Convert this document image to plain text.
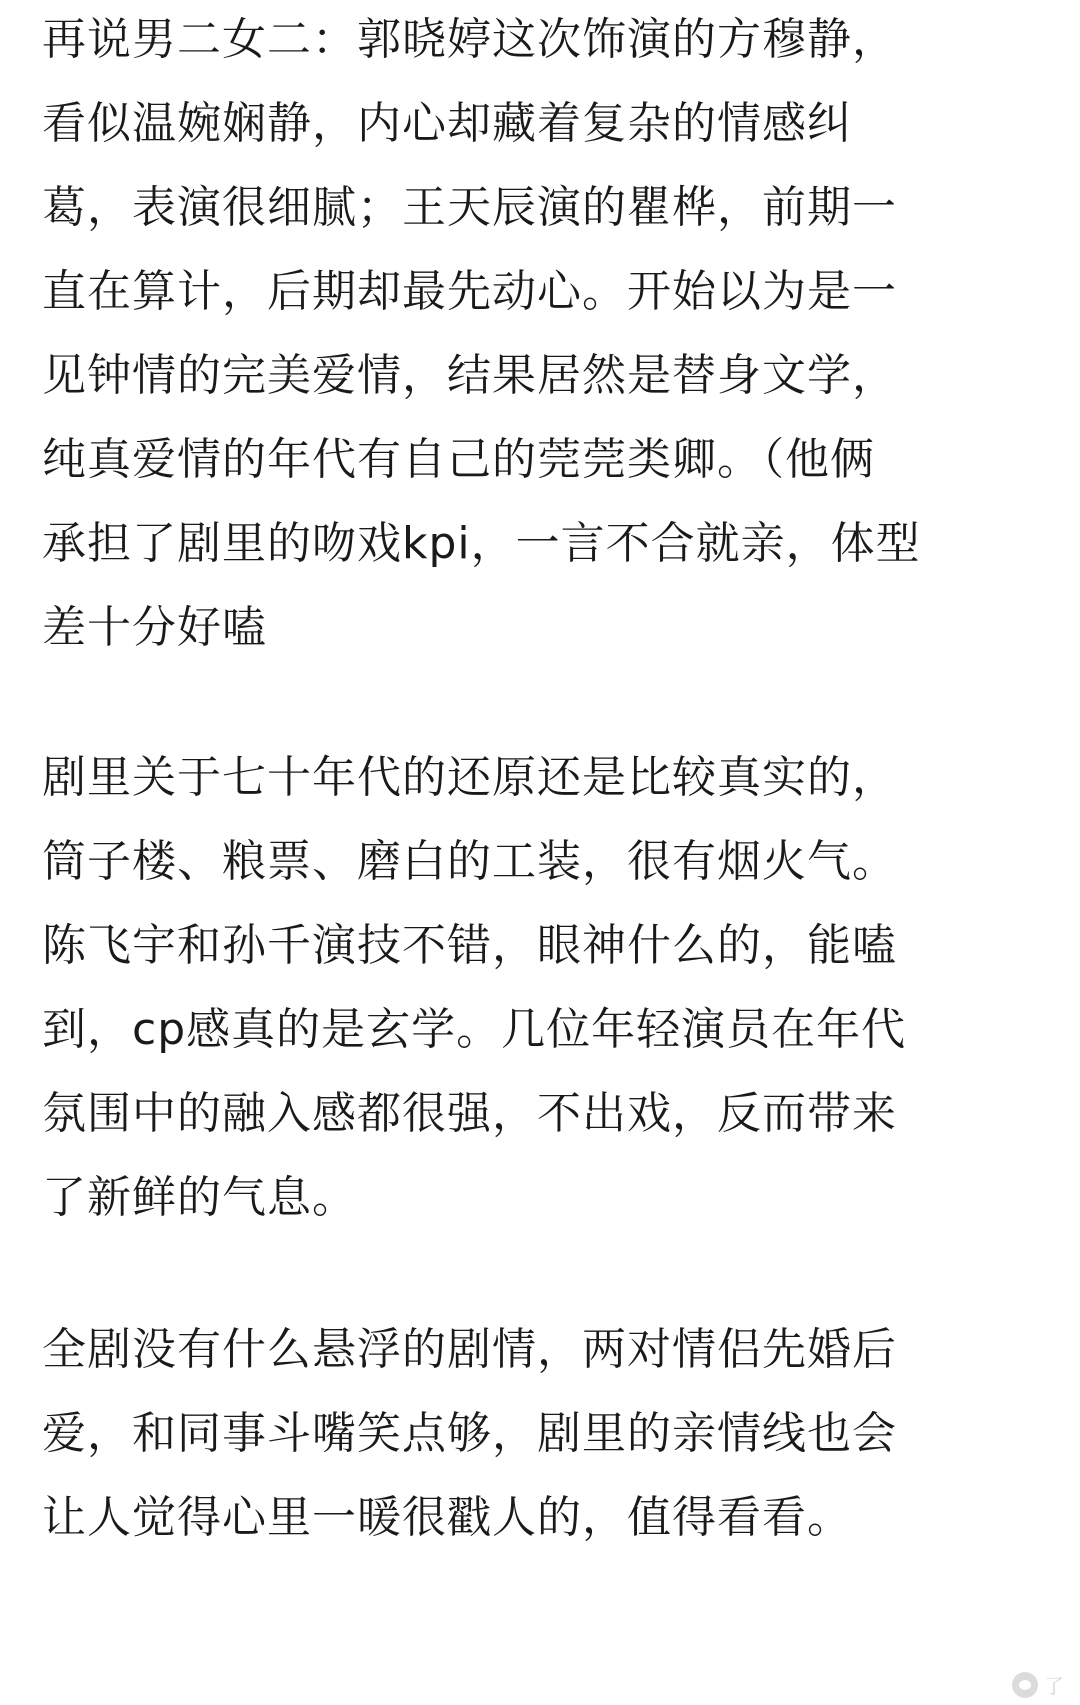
再说男二女二：郭晓婷这次饰演的方穆静，
看似温婉娴静，内心却藏着复杂的情感纠
葛，表演很细腻；王天辰演的瞿桦，前期一
直在算计，后期却最先动心。开始以为是一
见钟情的完美爱情，结果居然是替身文学，
纯真爱情的年代有自己的莞莞类卿。（他俩
承担了剧里的吻戏kpi，一言不合就亲，体型
差十分好嗑
剧里关于七十年代的还原还是比较真实的，
筒子楼、粮票、磨白的工装，很有烟火气。
陈飞宇和孙千演技不错，眼神什么的，能嗑
到，cp感真的是玄学。几位年轻演员在年代
氛围中的融入感都很强，不出戏，反而带来
了新鲜的气息。
全剧没有什么悬浮的剧情，两对情侣先婚后
爱，和同事斗嘴笑点够，剧里的亲情线也会
让人觉得心里一暖很戳人的，值得看看。
了
